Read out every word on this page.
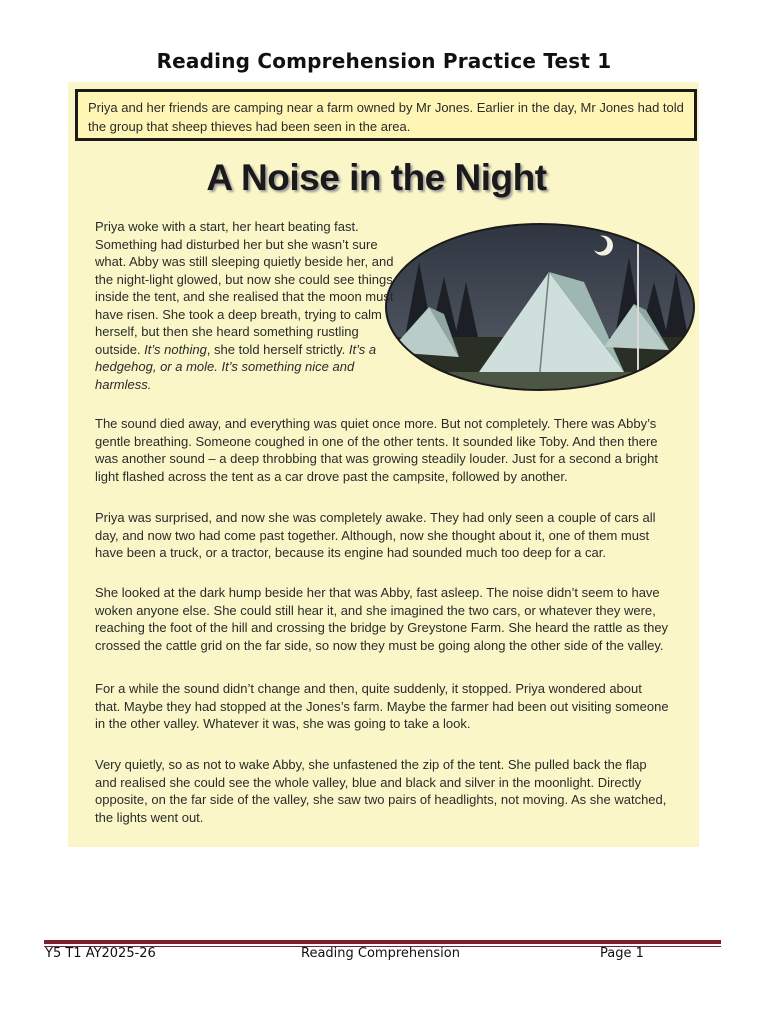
Reading Comprehension Practice Test 1
Priya and her friends are camping near a farm owned by Mr Jones. Earlier in the day, Mr Jones had told the group that sheep thieves had been seen in the area.
A Noise in the Night

Priya woke with a start, her heart beating fast. Something had disturbed her but she wasn’t sure what. Abby was still sleeping quietly beside her, and the night-light glowed, but now she could see things inside the tent, and she realised that the moon must have risen. She took a deep breath, trying to calm herself, but then she heard something rustling outside. It’s nothing, she told herself strictly. It’s a hedgehog, or a mole. It’s something nice and harmless.

The sound died away, and everything was quiet once more. But not completely. There was Abby’s gentle breathing. Someone coughed in one of the other tents. It sounded like Toby. And then there was another sound – a deep throbbing that was growing steadily louder. Just for a second a bright light flashed across the tent as a car drove past the campsite, followed by another.

Priya was surprised, and now she was completely awake. They had only seen a couple of cars all day, and now two had come past together. Although, now she thought about it, one of them must have been a truck, or a tractor, because its engine had sounded much too deep for a car.

She looked at the dark hump beside her that was Abby, fast asleep. The noise didn’t seem to have woken anyone else. She could still hear it, and she imagined the two cars, or whatever they were, reaching the foot of the hill and crossing the bridge by Greystone Farm. She heard the rattle as they crossed the cattle grid on the far side, so now they must be going along the other side of the valley.

For a while the sound didn’t change and then, quite suddenly, it stopped. Priya wondered about that. Maybe they had stopped at the Jones’s farm. Maybe the farmer had been out visiting someone in the other valley. Whatever it was, she was going to take a look.

Very quietly, so as not to wake Abby, she unfastened the zip of the tent. She pulled back the flap and realised she could see the whole valley, blue and black and silver in the moonlight. Directly opposite, on the far side of the valley, she saw two pairs of headlights, not moving. As she watched, the lights went out.

Y5 T1 AY2025-26	Reading Comprehension	Page 1
